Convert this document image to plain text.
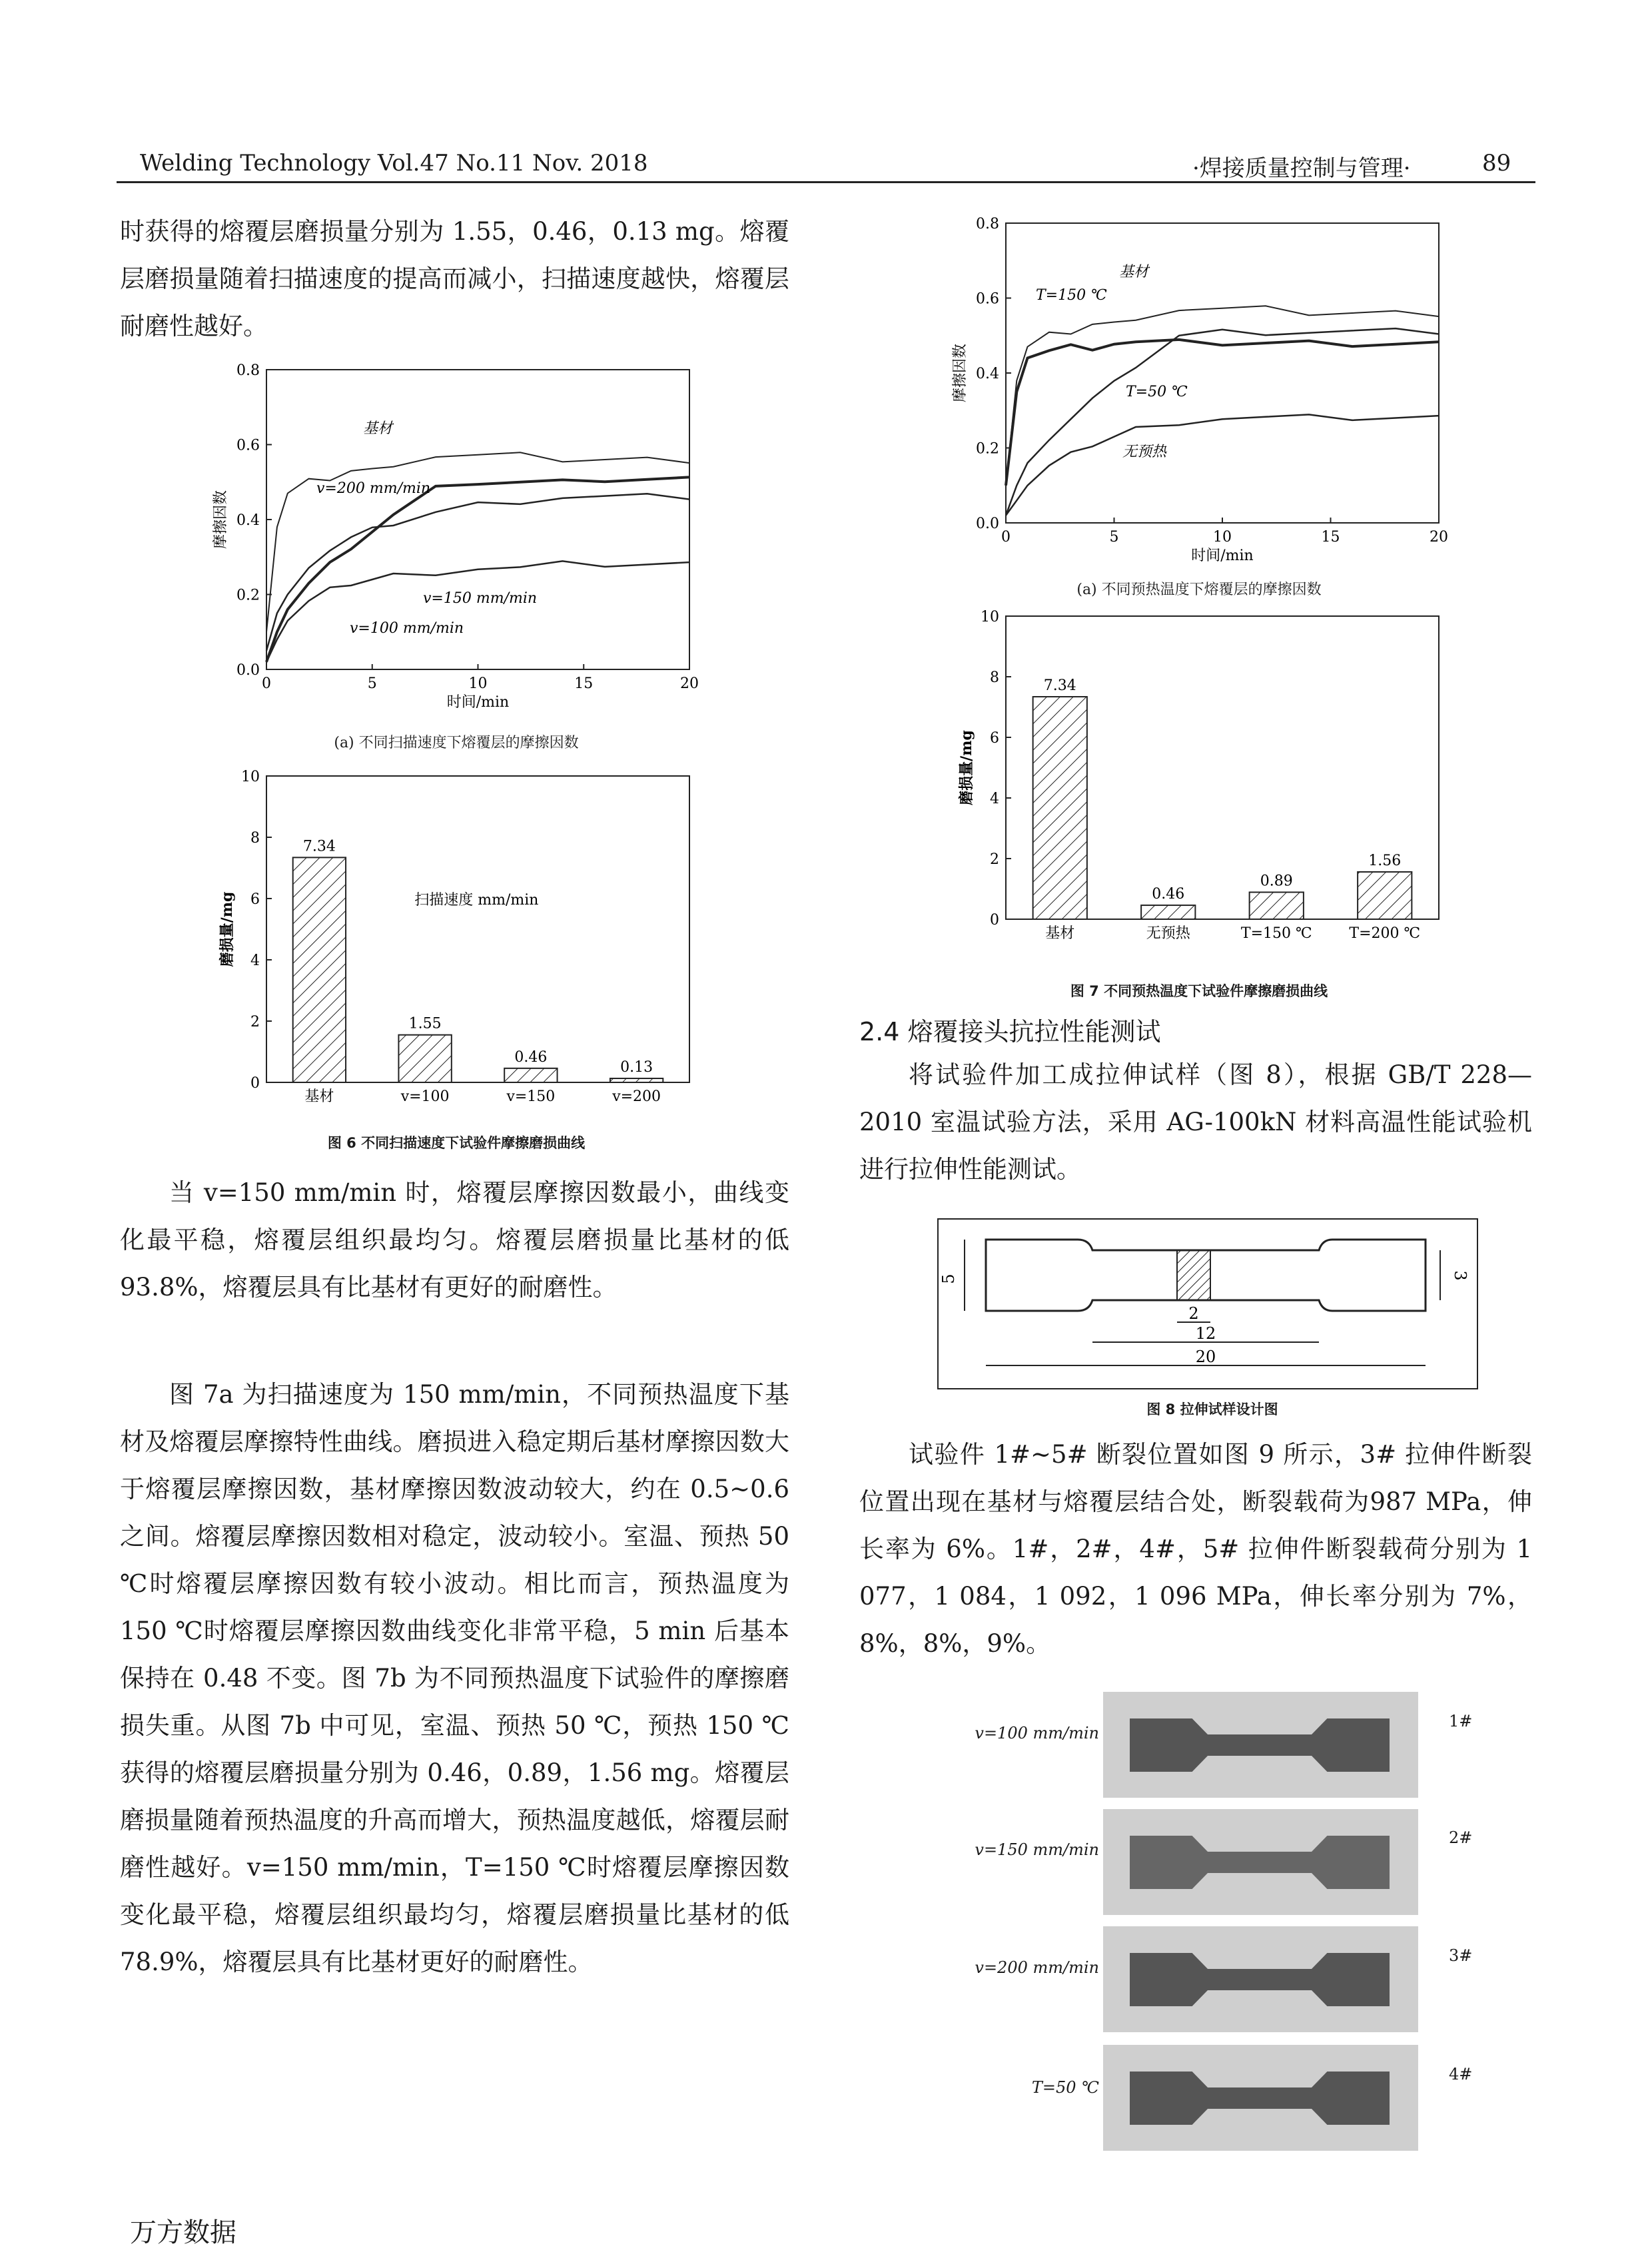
Welding Technology Vol.47 No.11 Nov. 2018	·焊接质量控制与管理·	89

时获得的熔覆层磨损量分别为 1.55，0.46，0.13 mg。熔覆层磨损量随着扫描速度的提高而减小，扫描速度越快，熔覆层耐磨性越好。

0.0
0.2
0.4
0.6
0.8
0	5	10	15	20
时间/min
摩擦因数
基材
v=200 mm/min
v=150 mm/min
v=100 mm/min
(a) 不同扫描速度下熔覆层的摩擦因数
0
2
4
6
8
10
磨损量/mg
7.34
基材
1.55
v=100
0.46
v=150
0.13
v=200
扫描速度 mm/min
图 6 不同扫描速度下试验件摩擦磨损曲线

当 v=150 mm/min 时，熔覆层摩擦因数最小，曲线变化最平稳，熔覆层组织最均匀。熔覆层磨损量比基材的低 93.8%，熔覆层具有比基材有更好的耐磨性。

图 7a 为扫描速度为 150 mm/min，不同预热温度下基材及熔覆层摩擦特性曲线。磨损进入稳定期后基材摩擦因数大于熔覆层摩擦因数，基材摩擦因数波动较大，约在 0.5~0.6 之间。熔覆层摩擦因数相对稳定，波动较小。室温、预热 50 ℃时熔覆层摩擦因数有较小波动。相比而言，预热温度为 150 ℃时熔覆层摩擦因数曲线变化非常平稳，5 min 后基本保持在 0.48 不变。图 7b 为不同预热温度下试验件的摩擦磨损失重。从图 7b 中可见，室温、预热 50 ℃，预热 150 ℃获得的熔覆层磨损量分别为 0.46，0.89，1.56 mg。熔覆层磨损量随着预热温度的升高而增大，预热温度越低，熔覆层耐磨性越好。v=150 mm/min，T=150 ℃时熔覆层摩擦因数变化最平稳，熔覆层组织最均匀，熔覆层磨损量比基材的低 78.9%，熔覆层具有比基材更好的耐磨性。

0.0
0.2
0.4
0.6
0.8
0	5	10	15	20
时间/min
摩擦因数
T=150 ℃
基材
T=50 ℃
无预热
(a) 不同预热温度下熔覆层的摩擦因数
0
2
4
6
8
10
磨损量/mg
7.34
基材
0.46
无预热
0.89
T=150 ℃
1.56
T=200 ℃
图 7 不同预热温度下试验件摩擦磨损曲线
2.4 熔覆接头抗拉性能测试

将试验件加工成拉伸试样（图 8），根据 GB/T 228—2010 室温试验方法，采用 AG-100kN 材料高温性能试验机进行拉伸性能测试。

5	3
2
12
20
图 8 拉伸试样设计图

试验件 1#~5# 断裂位置如图 9 所示，3# 拉伸件断裂位置出现在基材与熔覆层结合处，断裂载荷为987 MPa，伸长率为 6%。1#，2#，4#，5# 拉伸件断裂载荷分别为 1 077，1 084，1 092，1 096 MPa，伸长率分别为 7%，8%，8%，9%。

v=100 mm/min
1#
v=150 mm/min
2#
v=200 mm/min
3#
T=50 ℃
4#
万方数据
